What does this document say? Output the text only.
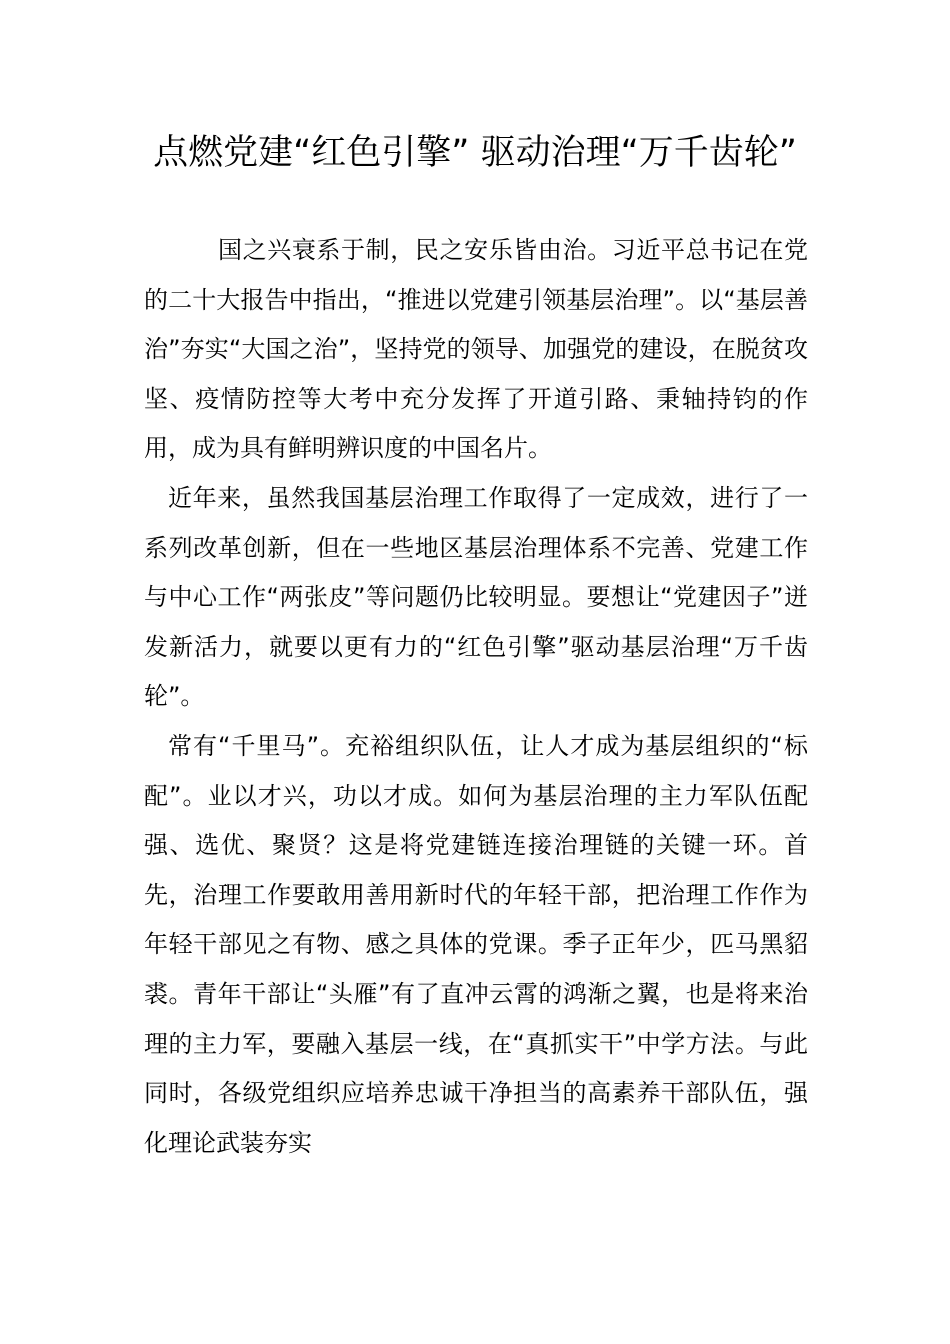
点燃党建“红色引擎” 驱动治理“万千齿轮”

国之兴衰系于制，民之安乐皆由治。习近平总书记在党的二十大报告中指出，“推进以党建引领基层治理”。以“基层善治”夯实“大国之治”，坚持党的领导、加强党的建设，在脱贫攻坚、疫情防控等大考中充分发挥了开道引路、秉轴持钧的作用，成为具有鲜明辨识度的中国名片。

近年来，虽然我国基层治理工作取得了一定成效，进行了一系列改革创新，但在一些地区基层治理体系不完善、党建工作与中心工作“两张皮”等问题仍比较明显。要想让“党建因子”迸发新活力，就要以更有力的“红色引擎”驱动基层治理“万千齿轮”。

常有“千里马”。充裕组织队伍，让人才成为基层组织的“标配”。业以才兴，功以才成。如何为基层治理的主力军队伍配强、选优、聚贤？这是将党建链连接治理链的关键一环。首先，治理工作要敢用善用新时代的年轻干部，把治理工作作为年轻干部见之有物、感之具体的党课。季子正年少，匹马黑貂裘。青年干部让“头雁”有了直冲云霄的鸿渐之翼，也是将来治理的主力军，要融入基层一线，在“真抓实干”中学方法。与此同时，各级党组织应培养忠诚干净担当的高素养干部队伍，强化理论武装夯实
